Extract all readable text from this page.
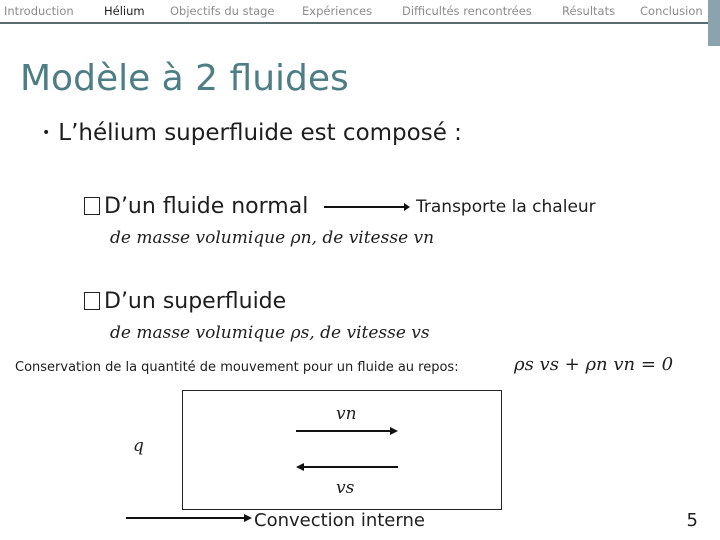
Introduction	Hélium Objectifs du stage Expériences	Difficultés rencontrées	Résultats Conclusion
Modèle à 2 fluides
• L’hélium superfluide est composé :
D’un fluide normal	Transporte la chaleur
de masse volumique ρn, de vitesse vn
D’un superfluide
de masse volumique ρs, de vitesse vs
Conservation de la quantité de mouvement pour un fluide au repos:	ρs vs + ρn vn = 0
vn
vs
q
Convection interne	5
